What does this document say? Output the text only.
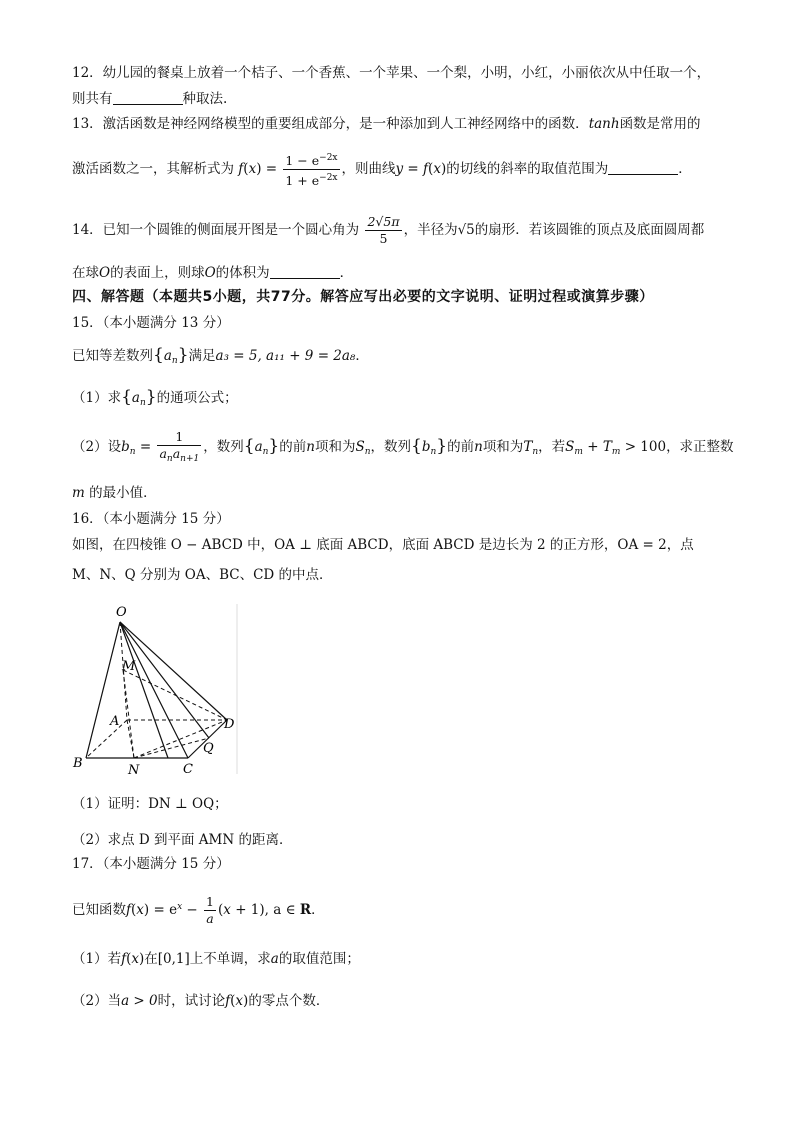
12．幼儿园的餐桌上放着一个桔子、一个香蕉、一个苹果、一个梨，小明，小红，小丽依次从中任取一个，
则共有	种取法.
13．激活函数是神经网络模型的重要组成部分，是一种添加到人工神经网络中的函数．tanh函数是常用的
激活函数之一，其解析式为 $f(x) = \frac{1 - e^{-2x}}{1 + e^{-2x}}$ ，则曲线y = f(x)的切线的斜率的取值范围为	．
14．已知一个圆锥的侧面展开图是一个圆心角为 $\frac{2√5\pi}{5}$ ，半径为√5的扇形．若该圆锥的顶点及底面圆周都
在球O的表面上，则球O的体积为	．
四、解答题（本题共5小题，共77分。解答应写出必要的文字说明、证明过程或演算步骤）
15．（本小题满分 13 分）
已知等差数列$\{a_n\}$满足a₃ = 5, a₁₁ + 9 = 2a₈．
（1）求$\{a_n\}$的通项公式；
（2）设$b_n = \frac{1}{a_na_{n+1}}$ ，数列$\{a_n\}$的前n项和为$S_n$，数列$\{b_n\}$的前n项和为$T_n$，若$S_m + T_m > 100$，求正整数
m 的最小值．
16．（本小题满分 15 分）
如图，在四棱锥 O − ABCD 中，OA ⊥ 底面 ABCD，底面 ABCD 是边长为 2 的正方形，OA = 2，点
M、N、Q 分别为 OA、BC、CD 的中点．
O
M
A
B	N	C
Q
D
（1）证明：DN ⊥ OQ；
（2）求点 D 到平面 AMN 的距离．
17．（本小题满分 15 分）
已知函数$f(x) = e^x - \frac{1}{a} (x + 1)$, a ∈ R．
（1）若f(x)在[0,1]上不单调，求a的取值范围；
（2）当a > 0时，试讨论f(x)的零点个数．
